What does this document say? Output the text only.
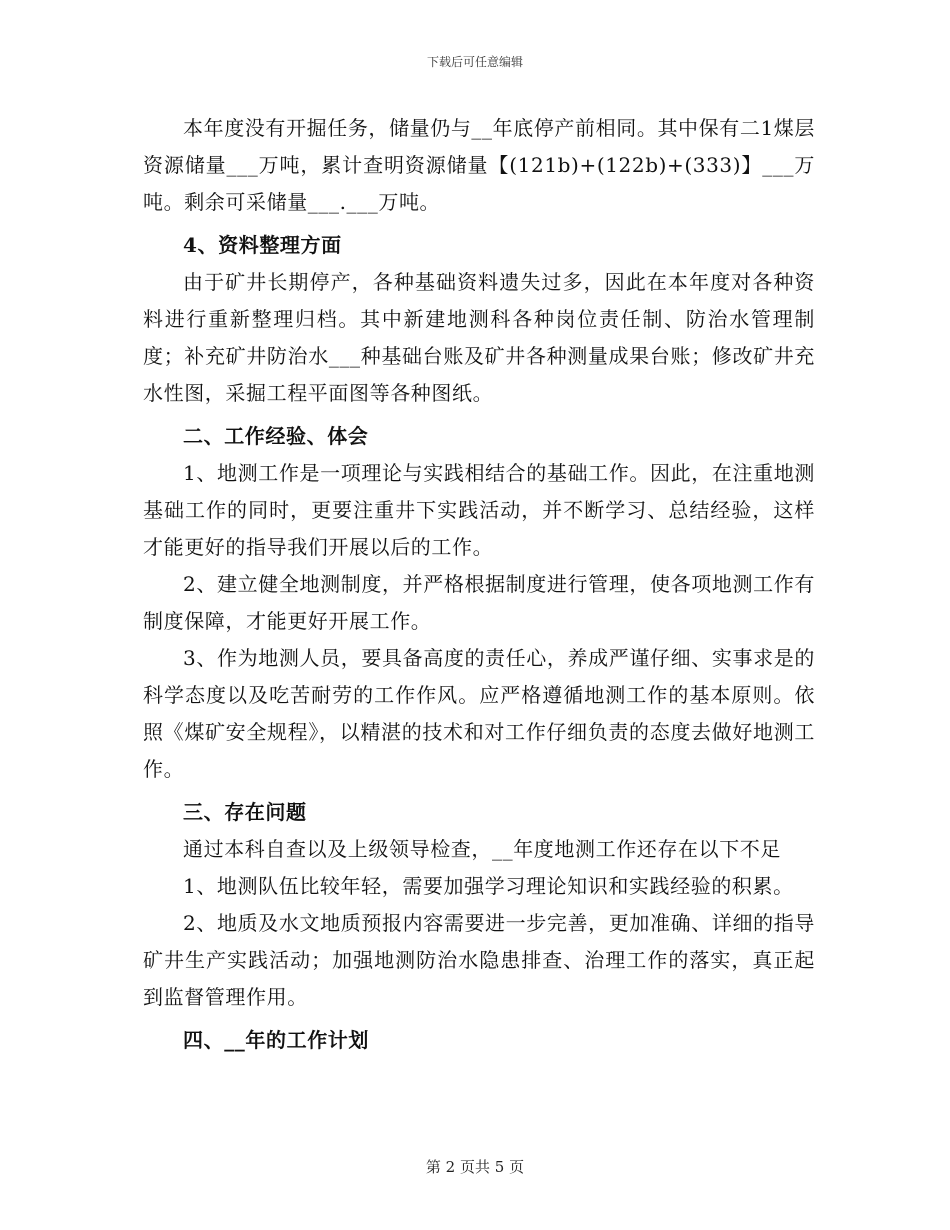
下载后可任意编辑

本年度没有开掘任务，储量仍与__年底停产前相同。其中保有二1煤层资源储量___万吨，累计查明资源储量【(121b)+(122b)+(333)】___万吨。剩余可采储量___.___万吨。

4、资料整理方面

由于矿井长期停产，各种基础资料遗失过多，因此在本年度对各种资料进行重新整理归档。其中新建地测科各种岗位责任制、防治水管理制度；补充矿井防治水___种基础台账及矿井各种测量成果台账；修改矿井充水性图，采掘工程平面图等各种图纸。

二、工作经验、体会

1、地测工作是一项理论与实践相结合的基础工作。因此，在注重地测基础工作的同时，更要注重井下实践活动，并不断学习、总结经验，这样才能更好的指导我们开展以后的工作。

2、建立健全地测制度，并严格根据制度进行管理，使各项地测工作有制度保障，才能更好开展工作。

3、作为地测人员，要具备高度的责任心，养成严谨仔细、实事求是的科学态度以及吃苦耐劳的工作作风。应严格遵循地测工作的基本原则。依照《煤矿安全规程》，以精湛的技术和对工作仔细负责的态度去做好地测工作。

三、存在问题

通过本科自查以及上级领导检查，__年度地测工作还存在以下不足

1、地测队伍比较年轻，需要加强学习理论知识和实践经验的积累。

2、地质及水文地质预报内容需要进一步完善，更加准确、详细的指导矿井生产实践活动；加强地测防治水隐患排查、治理工作的落实，真正起到监督管理作用。

四、__年的工作计划

第 2 页共 5 页
